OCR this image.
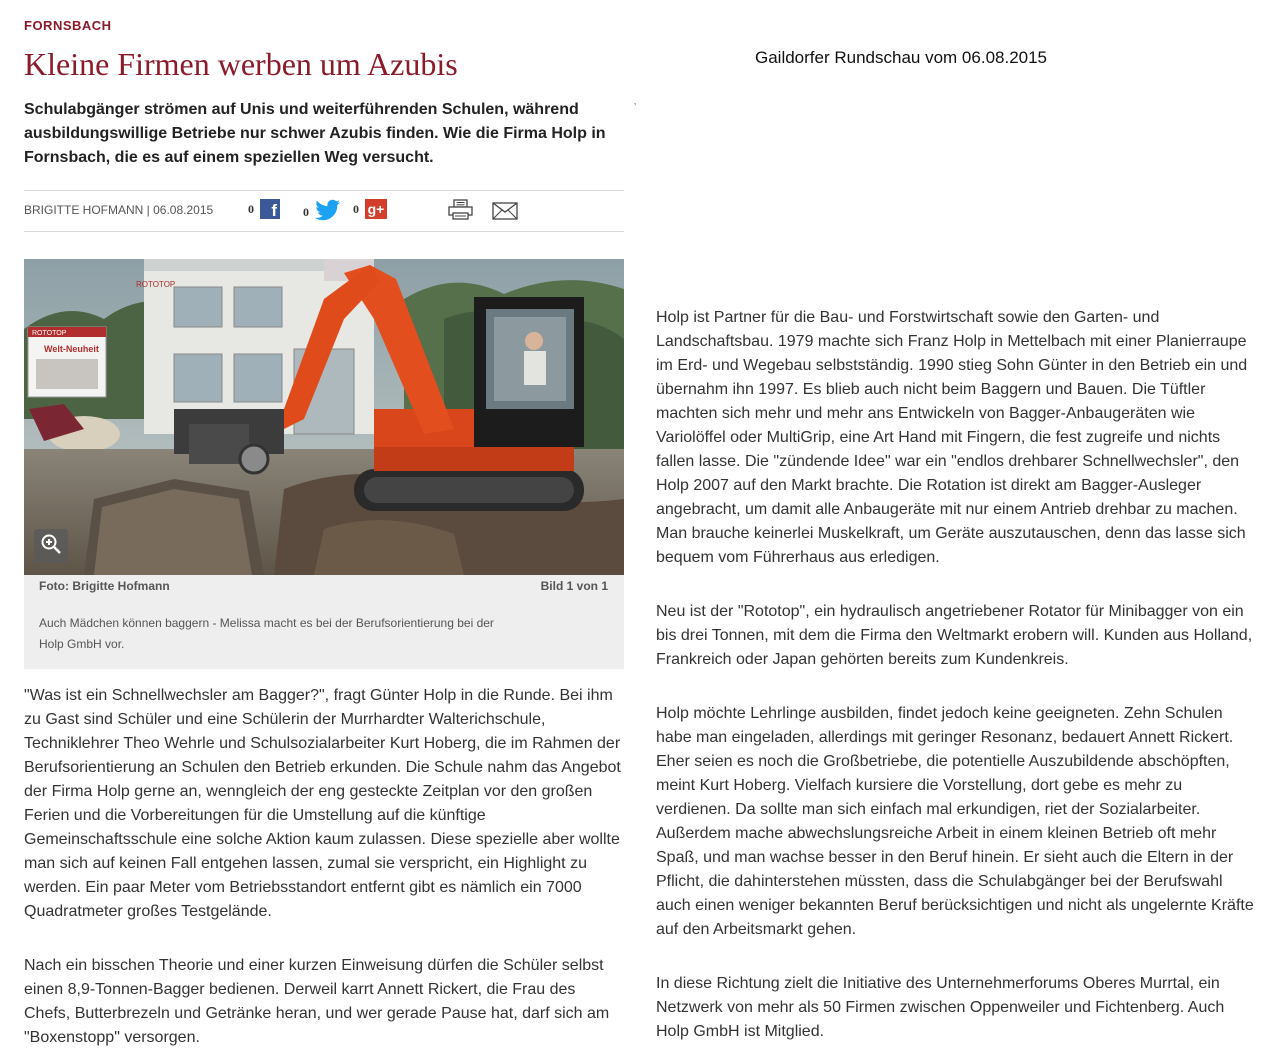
FORNSBACH
Kleine Firmen werben um Azubis	Gaildorfer Rundschau vom 06.08.2015
‚

Schulabgänger strömen auf Unis und weiterführenden Schulen, während ausbildungswillige Betriebe nur schwer Azubis finden. Wie die Firma Holp in Fornsbach, die es auf einem speziellen Weg versucht.

BRIGITTE HOFMANN | 06.08.2015	0	f 0	0 g+
ROTOTOP
Welt-Neuheit
ROTOTOP
Foto: Brigitte Hofmann	Bild 1 von 1

Auch Mädchen können baggern - Melissa macht es bei der Berufsorientierung bei der Holp GmbH vor.

"Was ist ein Schnellwechsler am Bagger?", fragt Günter Holp in die Runde. Bei ihm zu Gast sind Schüler und eine Schülerin der Murrhardter Walterichschule, Techniklehrer Theo Wehrle und Schulsozialarbeiter Kurt Hoberg, die im Rahmen der Berufsorientierung an Schulen den Betrieb erkunden. Die Schule nahm das Angebot der Firma Holp gerne an, wenngleich der eng gesteckte Zeitplan vor den großen Ferien und die Vorbereitungen für die Umstellung auf die künftige Gemeinschaftsschule eine solche Aktion kaum zulassen. Diese spezielle aber wollte man sich auf keinen Fall entgehen lassen, zumal sie verspricht, ein Highlight zu werden. Ein paar Meter vom Betriebsstandort entfernt gibt es nämlich ein 7000 Quadratmeter großes Testgelände.

Nach ein bisschen Theorie und einer kurzen Einweisung dürfen die Schüler selbst einen 8,9-Tonnen-Bagger bedienen. Derweil karrt Annett Rickert, die Frau des Chefs, Butterbrezeln und Getränke heran, und wer gerade Pause hat, darf sich am "Boxenstopp" versorgen.

Holp ist Partner für die Bau- und Forstwirtschaft sowie den Garten- und Landschaftsbau. 1979 machte sich Franz Holp in Mettelbach mit einer Planierraupe im Erd- und Wegebau selbstständig. 1990 stieg Sohn Günter in den Betrieb ein und übernahm ihn 1997. Es blieb auch nicht beim Baggern und Bauen. Die Tüftler machten sich mehr und mehr ans Entwickeln von Bagger-Anbaugeräten wie Variolöffel oder MultiGrip, eine Art Hand mit Fingern, die fest zugreife und nichts fallen lasse. Die "zündende Idee" war ein "endlos drehbarer Schnellwechsler", den Holp 2007 auf den Markt brachte. Die Rotation ist direkt am Bagger-Ausleger angebracht, um damit alle Anbaugeräte mit nur einem Antrieb drehbar zu machen. Man brauche keinerlei Muskelkraft, um Geräte auszutauschen, denn das lasse sich bequem vom Führerhaus aus erledigen.

Neu ist der "Rototop", ein hydraulisch angetriebener Rotator für Minibagger von ein bis drei Tonnen, mit dem die Firma den Weltmarkt erobern will. Kunden aus Holland, Frankreich oder Japan gehörten bereits zum Kundenkreis.

Holp möchte Lehrlinge ausbilden, findet jedoch keine geeigneten. Zehn Schulen habe man eingeladen, allerdings mit geringer Resonanz, bedauert Annett Rickert. Eher seien es noch die Großbetriebe, die potentielle Auszubildende abschöpften, meint Kurt Hoberg. Vielfach kursiere die Vorstellung, dort gebe es mehr zu verdienen. Da sollte man sich einfach mal erkundigen, riet der Sozialarbeiter. Außerdem mache abwechslungsreiche Arbeit in einem kleinen Betrieb oft mehr Spaß, und man wachse besser in den Beruf hinein. Er sieht auch die Eltern in der Pflicht, die dahinterstehen müssten, dass die Schulabgänger bei der Berufswahl auch einen weniger bekannten Beruf berücksichtigen und nicht als ungelernte Kräfte auf den Arbeitsmarkt gehen.

In diese Richtung zielt die Initiative des Unternehmerforums Oberes Murrtal, ein Netzwerk von mehr als 50 Firmen zwischen Oppenweiler und Fichtenberg. Auch Holp GmbH ist Mitglied.
